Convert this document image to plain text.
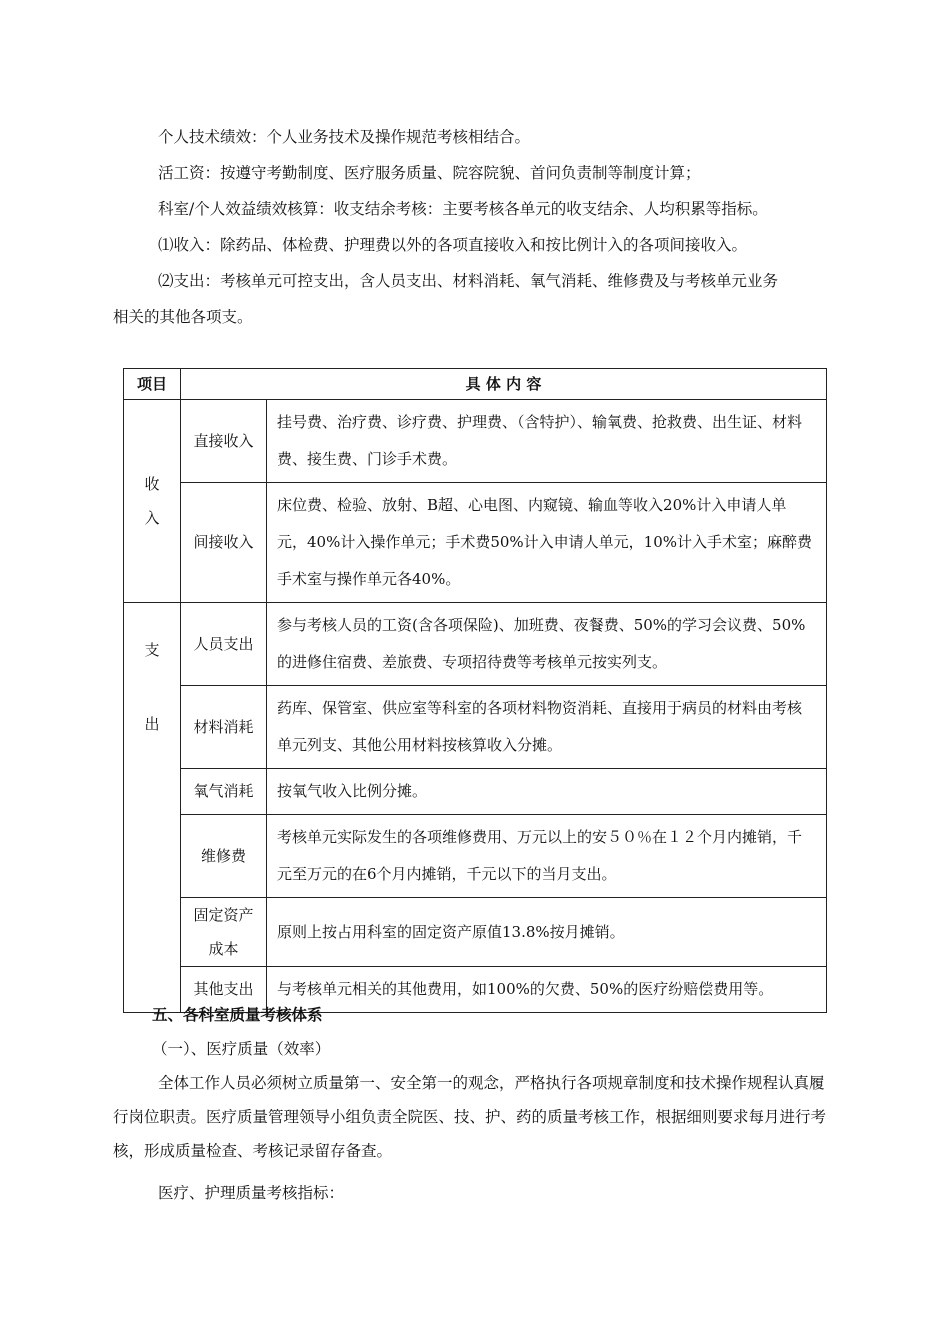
个人技术绩效：个人业务技术及操作规范考核相结合。
活工资：按遵守考勤制度、医疗服务质量、院容院貌、首问负责制等制度计算；
科室/个人效益绩效核算：收支结余考核：主要考核各单元的收支结余、人均积累等指标。
⑴收入：除药品、体检费、护理费以外的各项直接收入和按比例计入的各项间接收入。
⑵支出：考核单元可控支出，含人员支出、材料消耗、氧气消耗、维修费及与考核单元业务
相关的其他各项支。
项目	具 体 内 容	

收
入	直接收入	挂号费、治疗费、诊疗费、护理费、（含特护）、输氧费、抢救费、出生证、材料费、接生费、门诊手术费。
	间接收入	床位费、检验、放射、B超、心电图、内窥镜、输血等收入20%计入申请人单元，40%计入操作单元；手术费50%计入申请人单元，10%计入手术室；麻醉费手术室与操作单元各40%。

支
出	人员支出	参与考核人员的工资(含各项保险)、加班费、夜餐费、50%的学习会议费、50%的进修住宿费、差旅费、专项招待费等考核单元按实列支。
	材料消耗	药库、保管室、供应室等科室的各项材料物资消耗、直接用于病员的材料由考核单元列支、其他公用材料按核算收入分摊。
	氧气消耗	按氧气收入比例分摊。
	维修费	考核单元实际发生的各项维修费用、万元以上的安５０％在１２个月内摊销，千元至万元的在6个月内摊销，千元以下的当月支出。

	固定资产
成本	原则上按占用科室的固定资产原值13.8%按月摊销。
	其他支出	与考核单元相关的其他费用，如100%的欠费、50%的医疗纷赔偿费用等。
五、各科室质量考核体系
（一）、医疗质量（效率）
全体工作人员必须树立质量第一、安全第一的观念，严格执行各项规章制度和技术操作规程认真履行岗位职责。医疗质量管理领导小组负责全院医、技、护、药的质量考核工作，根据细则要求每月进行考核，形成质量检查、考核记录留存备查。
医疗、护理质量考核指标：
